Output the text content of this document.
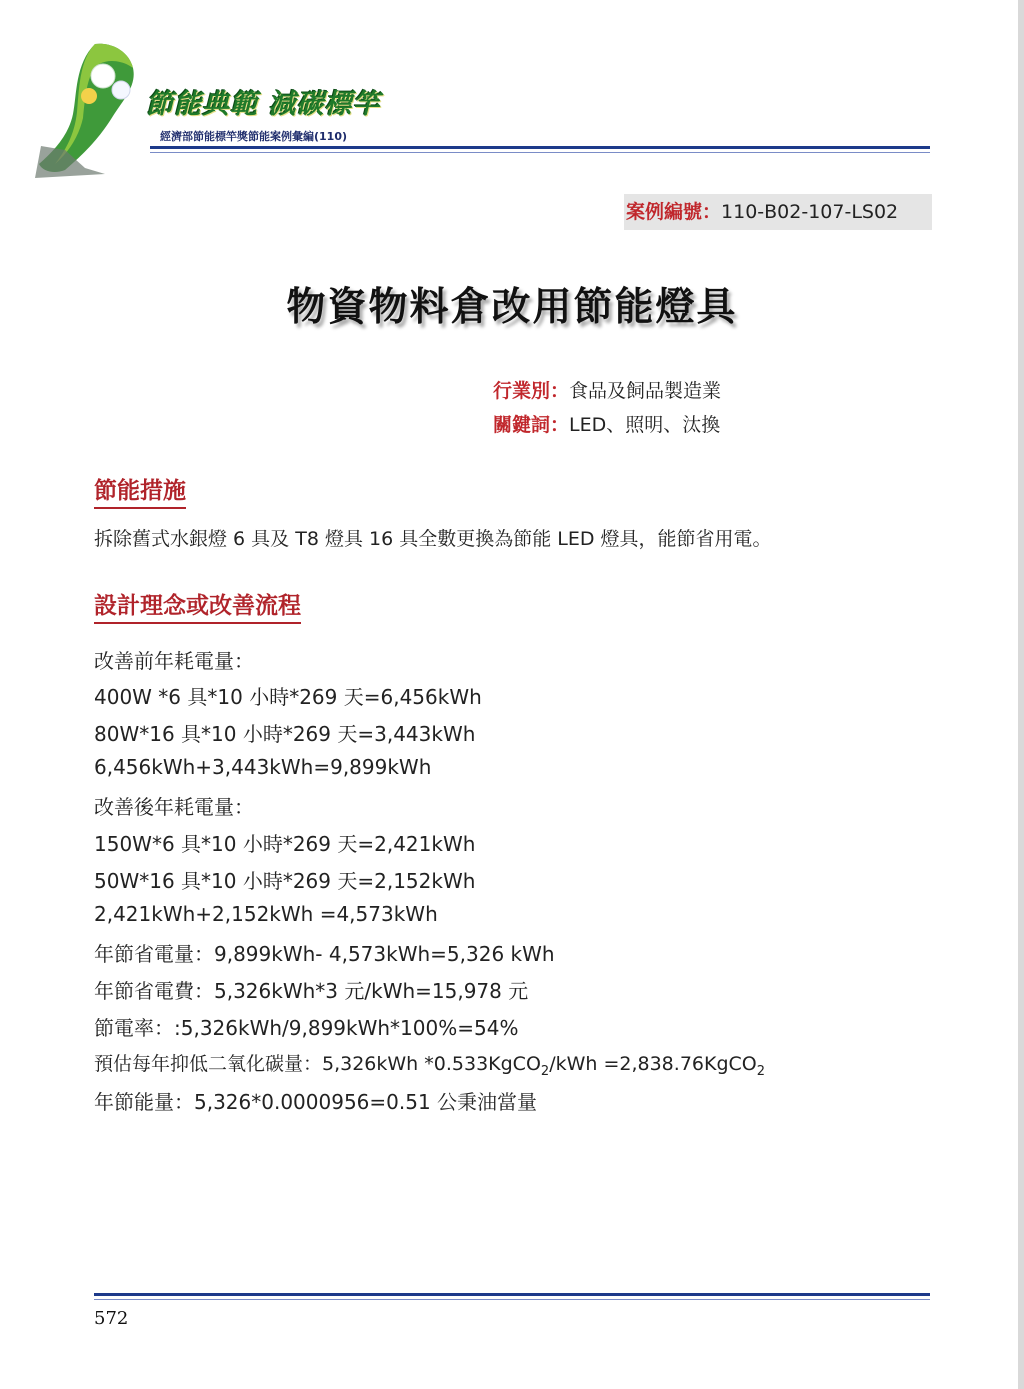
節能典範 減碳標竿
經濟部節能標竿獎節能案例彙編(110)
案例編號：110-B02-107-LS02
物資物料倉改用節能燈具
行業別：食品及飼品製造業
關鍵詞：LED、照明、汰換
節能措施
拆除舊式水銀燈 6 具及 T8 燈具 16 具全數更換為節能 LED 燈具，能節省用電。
設計理念或改善流程
改善前年耗電量：
400W *6 具*10 小時*269 天=6,456kWh
80W*16 具*10 小時*269 天=3,443kWh
6,456kWh+3,443kWh=9,899kWh
改善後年耗電量：
150W*6 具*10 小時*269 天=2,421kWh
50W*16 具*10 小時*269 天=2,152kWh
2,421kWh+2,152kWh =4,573kWh
年節省電量：9,899kWh- 4,573kWh=5,326 kWh
年節省電費：5,326kWh*3 元/kWh=15,978 元
節電率：:5,326kWh/9,899kWh*100%=54%
預估每年抑低二氧化碳量：5,326kWh *0.533KgCO$_2$/kWh =2,838.76KgCO$_2$
年節能量：5,326*0.0000956=0.51 公秉油當量
572
